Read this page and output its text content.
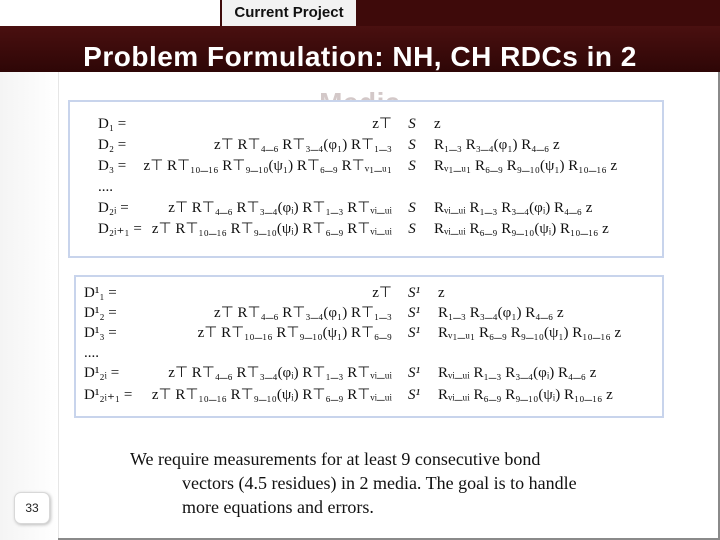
Current Project
Problem Formulation: NH, CH RDCs in 2

D₁ =
D₂ =
D₃ =
....
D₂ᵢ =
D₂ᵢ₊₁ =
z⊤
z⊤ R⊤₄_₆ R⊤₃_₄(φ₁) R⊤₁_₃
z⊤ R⊤₁₀_₁₆ R⊤₉_₁₀(ψ₁) R⊤₆_₉ R⊤ᵥ₁_ᵤ₁
z⊤ R⊤₄_₆ R⊤₃_₄(φᵢ) R⊤₁_₃ R⊤ᵥᵢ_ᵤᵢ
z⊤ R⊤₁₀_₁₆ R⊤₉_₁₀(ψᵢ) R⊤₆_₉ R⊤ᵥᵢ_ᵤᵢ
S
S
S
S
S
z
R₁_₃ R₃_₄(φ₁) R₄_₆ z
Rᵥ₁_ᵤ₁ R₆_₉ R₉_₁₀(ψ₁) R₁₀_₁₆ z
Rᵥᵢ_ᵤᵢ R₁_₃ R₃_₄(φᵢ) R₄_₆ z
Rᵥᵢ_ᵤᵢ R₆_₉ R₉_₁₀(ψᵢ) R₁₀_₁₆ z
D¹₁ =
D¹₂ =
D¹₃ =
....
D¹₂ᵢ =
D¹₂ᵢ₊₁ =
z⊤
z⊤ R⊤₄_₆ R⊤₃_₄(φ₁) R⊤₁_₃
z⊤ R⊤₁₀_₁₆ R⊤₉_₁₀(ψ₁) R⊤₆_₉
z⊤ R⊤₄_₆ R⊤₃_₄(φᵢ) R⊤₁_₃ R⊤ᵥᵢ_ᵤᵢ
z⊤ R⊤₁₀_₁₆ R⊤₉_₁₀(ψᵢ) R⊤₆_₉ R⊤ᵥᵢ_ᵤᵢ
S¹
S¹
S¹
S¹
S¹
z
R₁_₃ R₃_₄(φ₁) R₄_₆ z
Rᵥ₁_ᵤ₁ R₆_₉ R₉_₁₀(ψ₁) R₁₀_₁₆ z
Rᵥᵢ_ᵤᵢ R₁_₃ R₃_₄(φᵢ) R₄_₆ z
Rᵥᵢ_ᵤᵢ R₆_₉ R₉_₁₀(ψᵢ) R₁₀_₁₆ z
33

We require measurements for at least 9 consecutive bond
vectors (4.5 residues) in 2 media. The goal is to handle
more equations and errors.
